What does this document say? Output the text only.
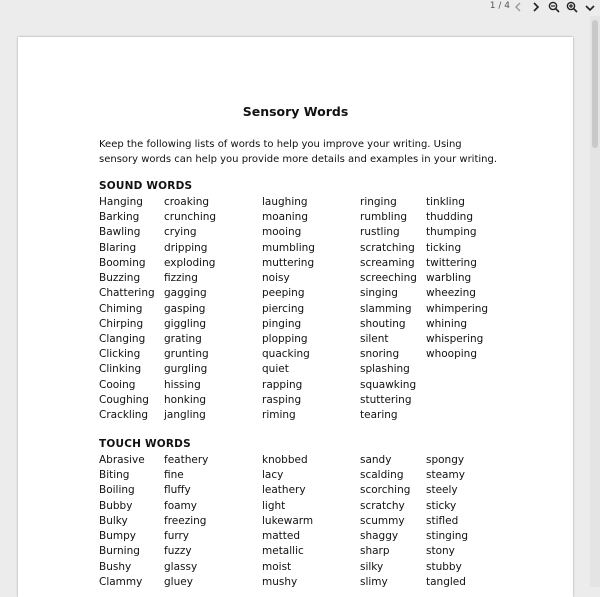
1 / 4
Sensory Words
Keep the following lists of words to help you improve your writing. Using sensory words can help you provide more details and examples in your writing.
SOUND WORDS
Hanging
Barking
Bawling
Blaring
Booming
Buzzing
Chattering
Chiming
Chirping
Clanging
Clicking
Clinking
Cooing
Coughing
Crackling
croaking
crunching
crying
dripping
exploding
fizzing
gagging
gasping
giggling
grating
grunting
gurgling
hissing
honking
jangling
laughing
moaning
mooing
mumbling
muttering
noisy
peeping
piercing
pinging
plopping
quacking
quiet
rapping
rasping
riming
ringing
rumbling
rustling
scratching
screaming
screeching
singing
slamming
shouting
silent
snoring
splashing
squawking
stuttering
tearing
tinkling
thudding
thumping
ticking
twittering
warbling
wheezing
whimpering
whining
whispering
whooping
TOUCH WORDS
Abrasive
Biting
Boiling
Bubby
Bulky
Bumpy
Burning
Bushy
Clammy
feathery
fine
fluffy
foamy
freezing
furry
fuzzy
glassy
gluey
knobbed
lacy
leathery
light
lukewarm
matted
metallic
moist
mushy
sandy
scalding
scorching
scratchy
scummy
shaggy
sharp
silky
slimy
spongy
steamy
steely
sticky
stifled
stinging
stony
stubby
tangled
